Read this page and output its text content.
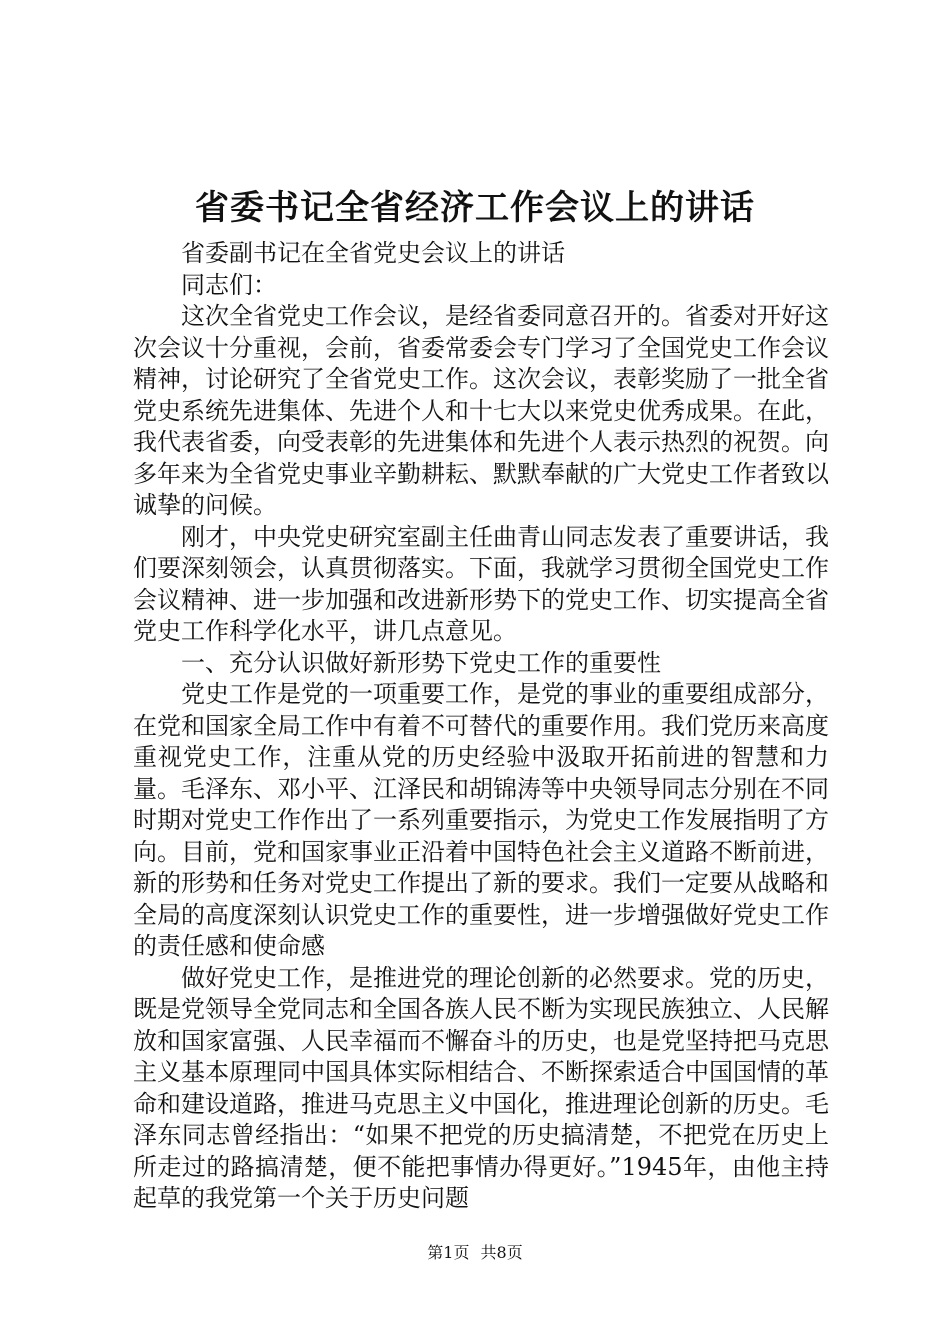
省委书记全省经济工作会议上的讲话

省委副书记在全省党史会议上的讲话

同志们：

这次全省党史工作会议，是经省委同意召开的。省委对开好这次会议十分重视，会前，省委常委会专门学习了全国党史工作会议精神，讨论研究了全省党史工作。这次会议，表彰奖励了一批全省党史系统先进集体、先进个人和十七大以来党史优秀成果。在此，我代表省委，向受表彰的先进集体和先进个人表示热烈的祝贺。向多年来为全省党史事业辛勤耕耘、默默奉献的广大党史工作者致以诚挚的问候。

刚才，中央党史研究室副主任曲青山同志发表了重要讲话，我们要深刻领会，认真贯彻落实。下面，我就学习贯彻全国党史工作会议精神、进一步加强和改进新形势下的党史工作、切实提高全省党史工作科学化水平，讲几点意见。

一、充分认识做好新形势下党史工作的重要性

党史工作是党的一项重要工作，是党的事业的重要组成部分，在党和国家全局工作中有着不可替代的重要作用。我们党历来高度重视党史工作，注重从党的历史经验中汲取开拓前进的智慧和力量。毛泽东、邓小平、江泽民和胡锦涛等中央领导同志分别在不同时期对党史工作作出了一系列重要指示，为党史工作发展指明了方向。目前，党和国家事业正沿着中国特色社会主义道路不断前进，新的形势和任务对党史工作提出了新的要求。我们一定要从战略和全局的高度深刻认识党史工作的重要性，进一步增强做好党史工作的责任感和使命感

做好党史工作，是推进党的理论创新的必然要求。党的历史，既是党领导全党同志和全国各族人民不断为实现民族独立、人民解放和国家富强、人民幸福而不懈奋斗的历史，也是党坚持把马克思主义基本原理同中国具体实际相结合、不断探索适合中国国情的革命和建设道路，推进马克思主义中国化，推进理论创新的历史。毛泽东同志曾经指出：“如果不把党的历史搞清楚，不把党在历史上所走过的路搞清楚，便不能把事情办得更好。”1945年，由他主持起草的我党第一个关于历史问题

第1页 共8页
